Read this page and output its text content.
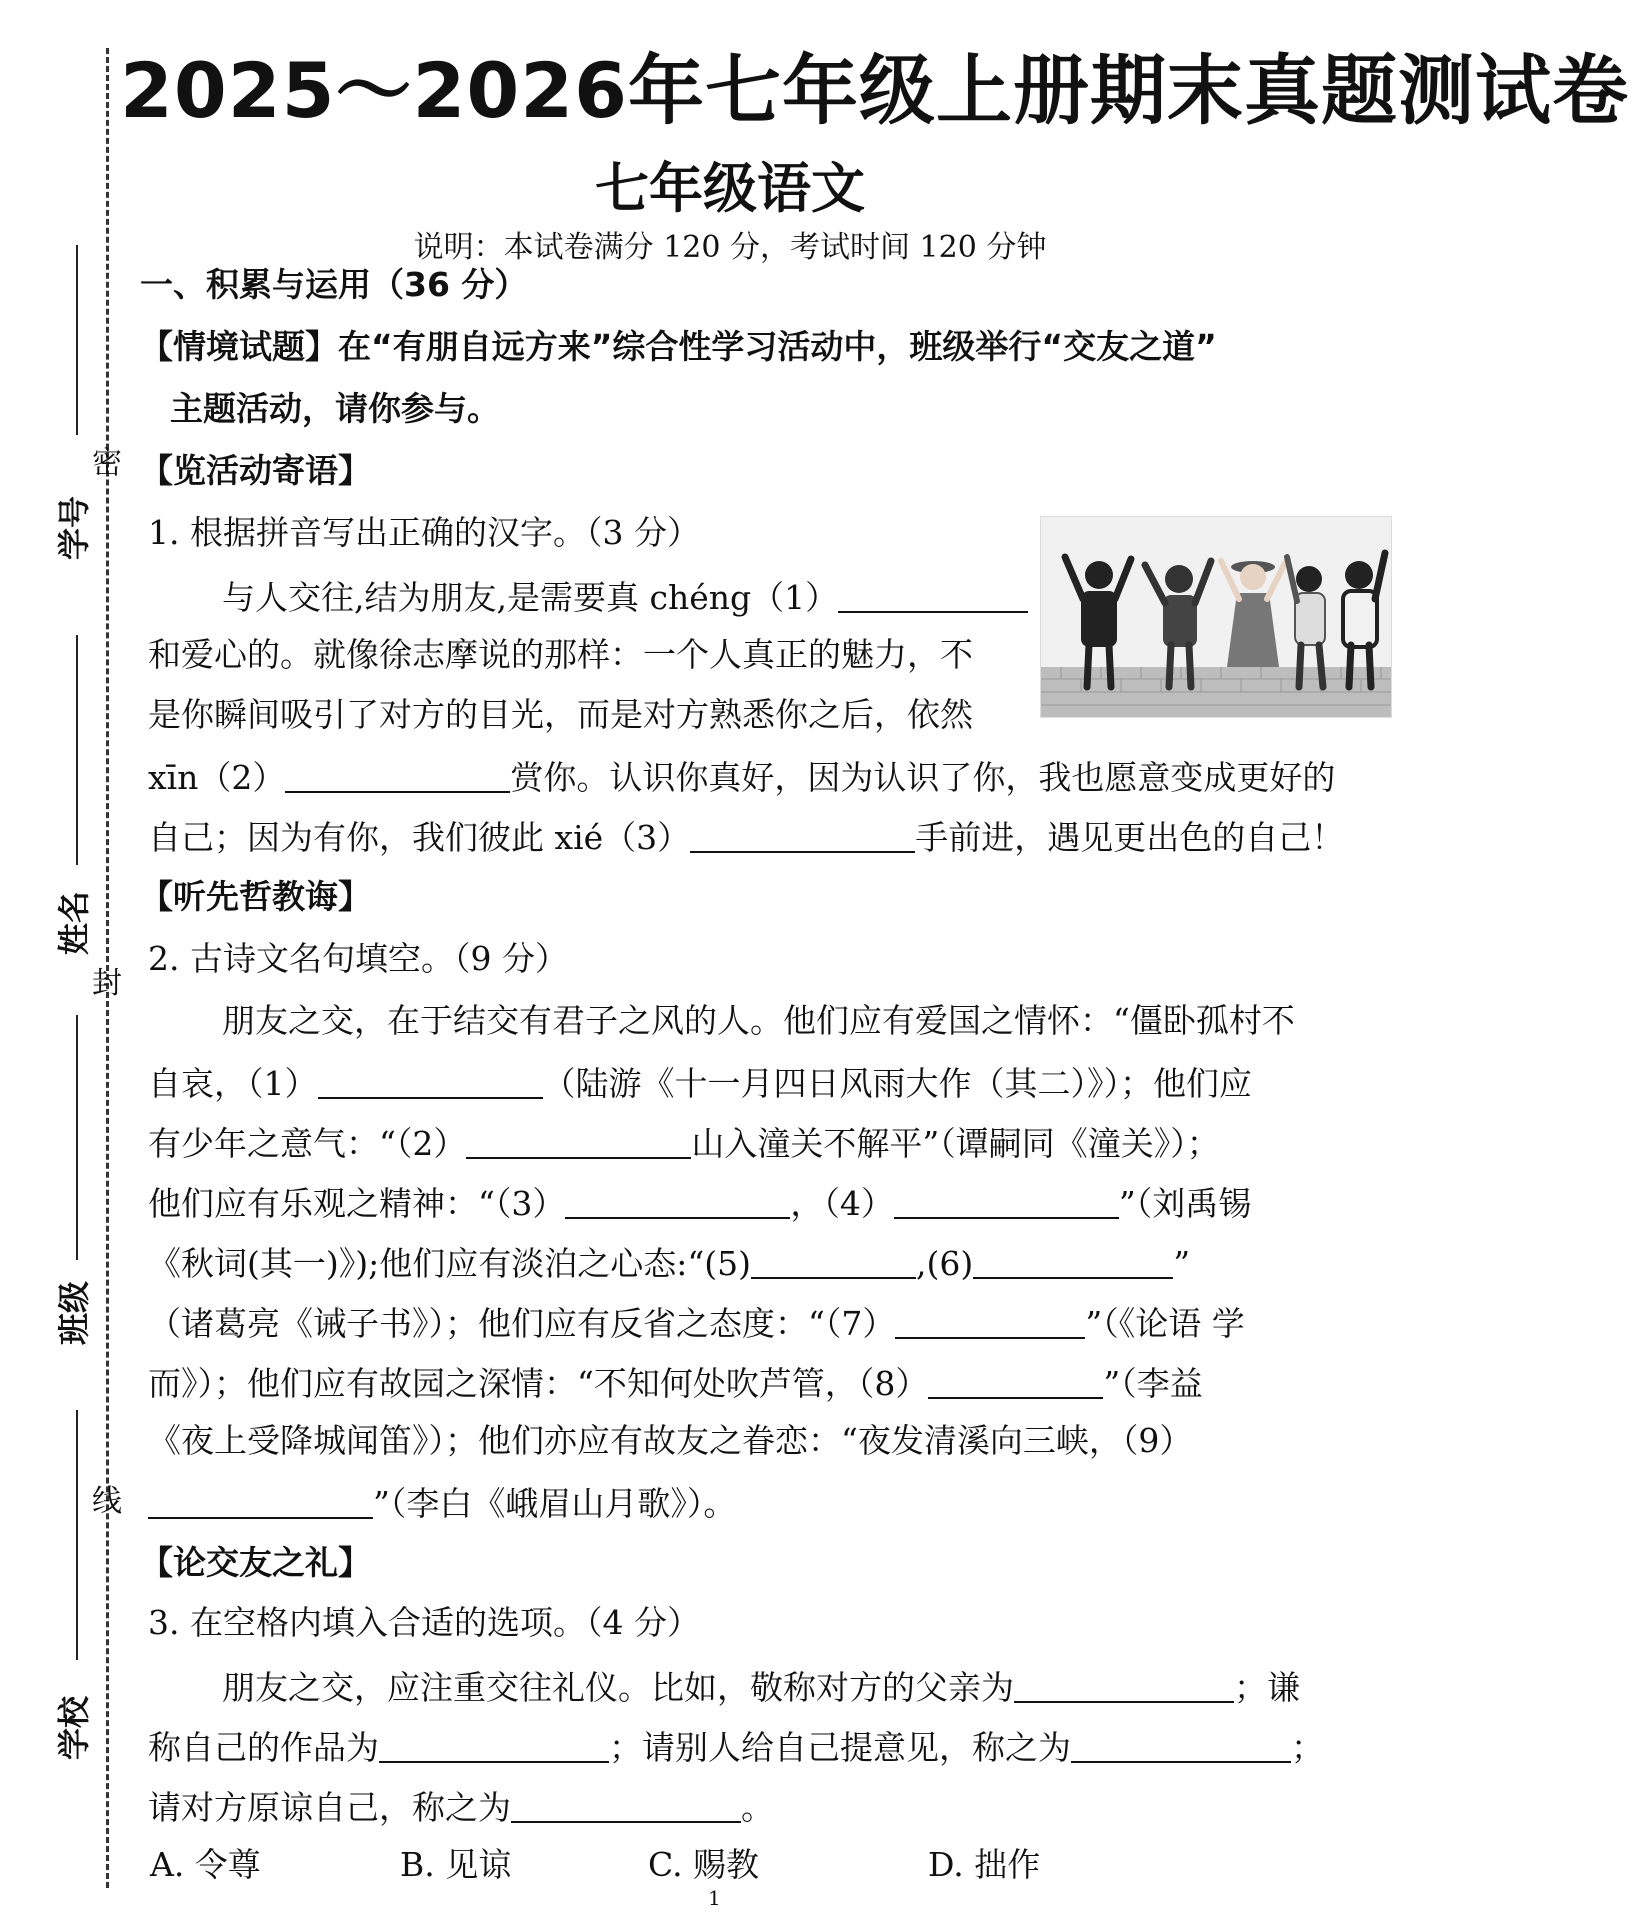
密
封
线
学号
姓名
班级
学校
2025～2026年七年级上册期末真题测试卷
七年级语文
说明：本试卷满分 120 分，考试时间 120 分钟
一、积累与运用（36 分）
【情境试题】在“有朋自远方来”综合性学习活动中，班级举行“交友之道”
主题活动，请你参与。
【览活动寄语】
1. 根据拼音写出正确的汉字。（3 分）
与人交往,结为朋友,是需要真 chéng（1）
和爱心的。就像徐志摩说的那样：一个人真正的魅力，不
是你瞬间吸引了对方的目光，而是对方熟悉你之后，依然
xīn（2）	赏你。认识你真好，因为认识了你，我也愿意变成更好的
自己；因为有你，我们彼此 xié（3）	手前进，遇见更出色的自己！
【听先哲教诲】
2. 古诗文名句填空。（9 分）
朋友之交，在于结交有君子之风的人。他们应有爱国之情怀：“僵卧孤村不
自哀，（1）	（陆游《十一月四日风雨大作（其二）》）；他们应
有少年之意气：“（2）	山入潼关不解平”（谭嗣同《潼关》）；
他们应有乐观之精神：“（3）	，（4）	”（刘禹锡
《秋词(其一)》);他们应有淡泊之心态:“(5)	,(6)	”
（诸葛亮《诫子书》）；他们应有反省之态度：“（7）	”（《论语 学
而》）；他们应有故园之深情：“不知何处吹芦管，（8）	”（李益
《夜上受降城闻笛》）；他们亦应有故友之眷恋：“夜发清溪向三峡，（9）
”（李白《峨眉山月歌》）。
【论交友之礼】
3. 在空格内填入合适的选项。（4 分）
朋友之交，应注重交往礼仪。比如，敬称对方的父亲为	；谦
称自己的作品为	；请别人给自己提意见，称之为	；
请对方原谅自己，称之为	。
A. 令尊	B. 见谅	C. 赐教	D. 拙作
1
